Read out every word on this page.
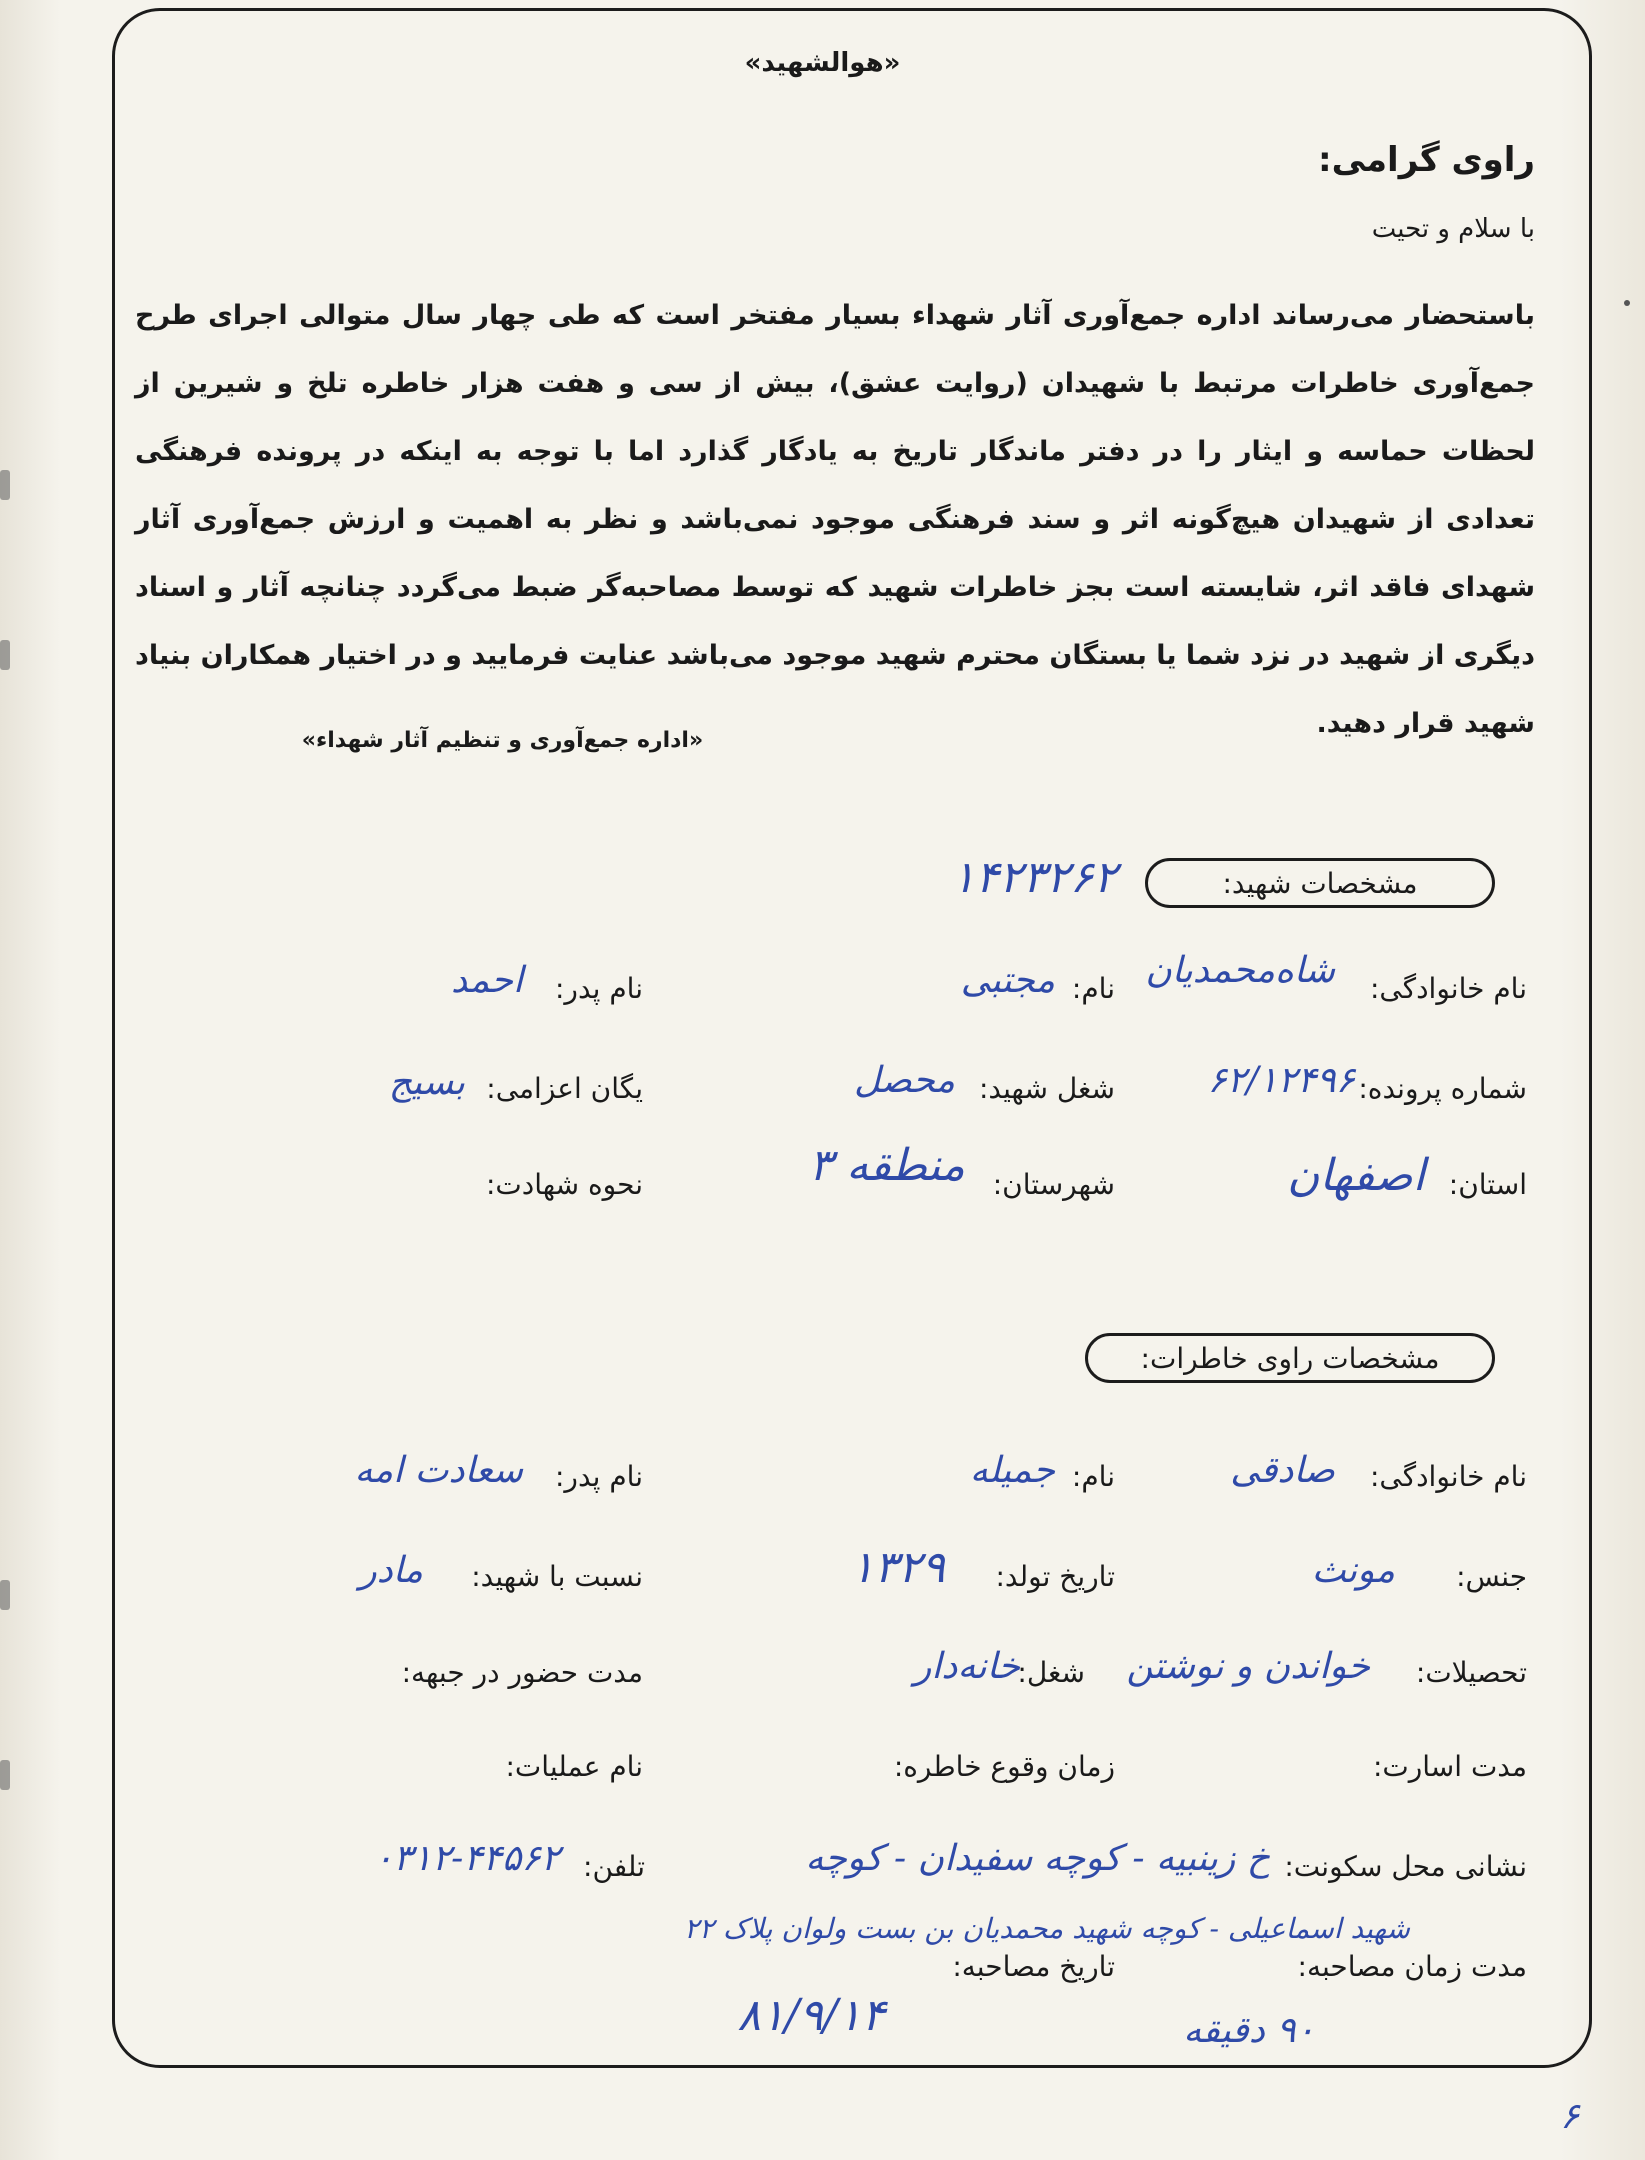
«هوالشهید»
راوی گرامی:
با سلام و تحیت
باستحضار می‌رساند اداره جمع‌آوری آثار شهداء بسیار مفتخر است که طی چهار سال متوالی اجرای طرح جمع‌آوری خاطرات مرتبط با شهیدان (روایت عشق)، بیش از سی و هفت هزار خاطره تلخ و شیرین از لحظات حماسه و ایثار را در دفتر ماندگار تاریخ به یادگار گذارد اما با توجه به اینکه در پرونده فرهنگی تعدادی از شهیدان هیچ‌گونه اثر و سند فرهنگی موجود نمی‌باشد و نظر به اهمیت و ارزش جمع‌آوری آثار شهدای فاقد اثر، شایسته است بجز خاطرات شهید که توسط مصاحبه‌گر ضبط می‌گردد چنانچه آثار و اسناد دیگری از شهید در نزد شما یا بستگان محترم شهید موجود می‌باشد عنایت فرمایید و در اختیار همکاران بنیاد شهید قرار دهید.
«اداره جمع‌آوری و تنظیم آثار شهداء»
مشخصات شهید:
۱۴۲۳۲۶۲
نام خانوادگی:
شاه‌محمدیان
نام:
مجتبی
نام پدر:
احمد
شماره پرونده:
۶۲/۱۲۴۹۶
شغل شهید:
محصل
یگان اعزامی:
بسیج
استان:
اصفهان
شهرستان:
منطقه ۳
نحوه شهادت:
مشخصات راوی خاطرات:
نام خانوادگی:
صادقی
نام:
جمیله
نام پدر:
سعادت امه
جنس:
مونث
تاریخ تولد:
۱۳۲۹
نسبت با شهید:
مادر
تحصیلات:
خواندن و نوشتن
شغل:
خانه‌دار
مدت حضور در جبهه:
مدت اسارت:
زمان وقوع خاطره:
نام عملیات:
نشانی محل سکونت:
خ زینبیه - کوچه سفیدان - کوچه
تلفن:
۰۳۱۲-۴۴۵۶۲
شهید اسماعیلی - کوچه شهید محمدیان بن بست ولوان پلاک ۲۲
مدت زمان مصاحبه:
۹۰ دقیقه
تاریخ مصاحبه:
۸۱/۹/۱۴
۶
